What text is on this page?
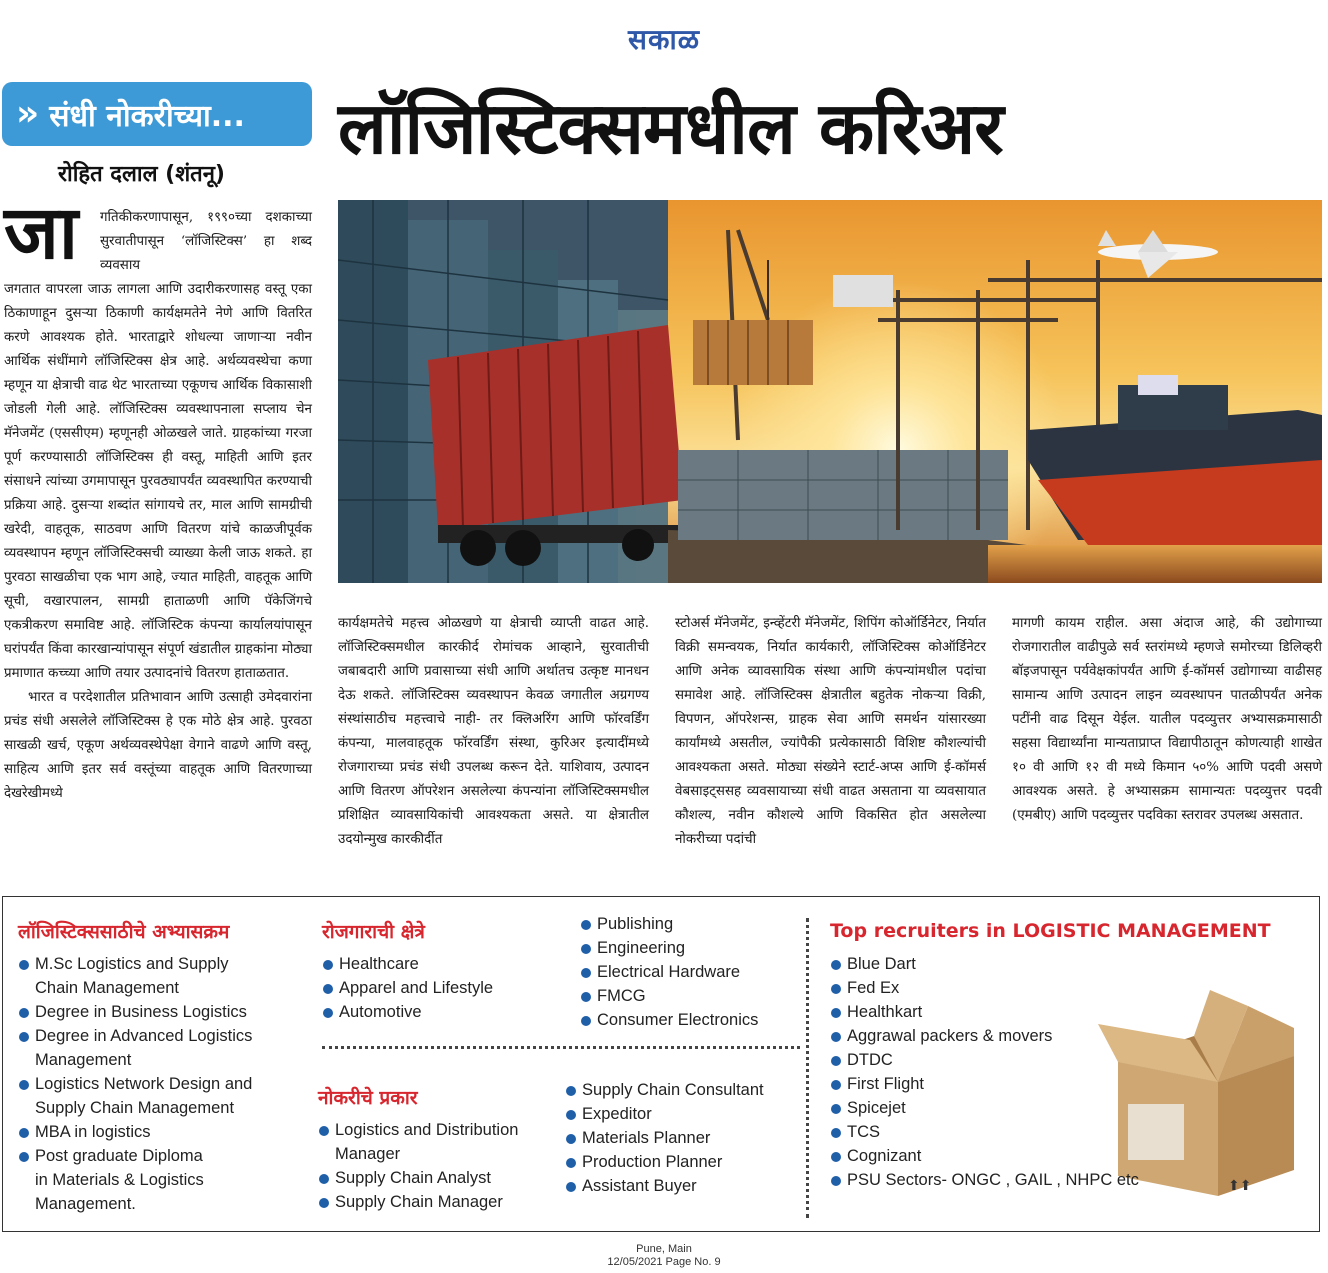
सकाळ
» संधी नोकरीच्या...
रोहित दलाल (शंतनू)
लॉजिस्टिक्समधील करिअर
जा गतिकीकरणापासून, १९९०च्या दशकाच्या सुरवातीपासून ‘लॉजिस्टिक्स’ हा शब्द व्यवसाय

जगतात वापरला जाऊ लागला आणि उदारीकरणासह वस्तू एका ठिकाणाहून दुसऱ्या ठिकाणी कार्यक्षमतेने नेणे आणि वितरित करणे आवश्यक होते. भारताद्वारे शोधल्या जाणाऱ्या नवीन आर्थिक संधींमागे लॉजिस्टिक्स क्षेत्र आहे. अर्थव्यवस्थेचा कणा म्हणून या क्षेत्राची वाढ थेट भारताच्या एकूणच आर्थिक विकासाशी जोडली गेली आहे. लॉजिस्टिक्स व्यवस्थापनाला सप्लाय चेन मॅनेजमेंट (एससीएम) म्हणूनही ओळखले जाते. ग्राहकांच्या गरजा पूर्ण करण्यासाठी लॉजिस्टिक्स ही वस्तू, माहिती आणि इतर संसाधने त्यांच्या उगमापासून पुरवठ्यापर्यंत व्यवस्थापित करण्याची प्रक्रिया आहे. दुसऱ्या शब्दांत सांगायचे तर, माल आणि सामग्रीची खरेदी, वाहतूक, साठवण आणि वितरण यांचे काळजीपूर्वक व्यवस्थापन म्हणून लॉजिस्टिक्सची व्याख्या केली जाऊ शकते. हा पुरवठा साखळीचा एक भाग आहे, ज्यात माहिती, वाहतूक आणि सूची, वखारपालन, सामग्री हाताळणी आणि पॅकेजिंगचे एकत्रीकरण समाविष्ट आहे. लॉजिस्टिक कंपन्या कार्यालयांपासून घरांपर्यंत किंवा कारखान्यांपासून संपूर्ण खंडातील ग्राहकांना मोठ्या प्रमाणात कच्च्या आणि तयार उत्पादनांचे वितरण हाताळतात.

भारत व परदेशातील प्रतिभावान आणि उत्साही उमेदवारांना प्रचंड संधी असलेले लॉजिस्टिक्स हे एक मोठे क्षेत्र आहे. पुरवठा साखळी खर्च, एकूण अर्थव्यवस्थेपेक्षा वेगाने वाढणे आणि वस्तू, साहित्य आणि इतर सर्व वस्तूंच्या वाहतूक आणि वितरणाच्या देखरेखीमध्ये

कार्यक्षमतेचे महत्त्व ओळखणे या क्षेत्राची व्याप्ती वाढत आहे. लॉजिस्टिक्समधील कारकीर्द रोमांचक आव्हाने, सुरवातीची जबाबदारी आणि प्रवासाच्या संधी आणि अर्थातच उत्कृष्ट मानधन देऊ शकते. लॉजिस्टिक्स व्यवस्थापन केवळ जगातील अग्रगण्य संस्थांसाठीच महत्त्वाचे नाही- तर क्लिअरिंग आणि फॉरवर्डिंग कंपन्या, मालवाहतूक फॉरवर्डिंग संस्था, कुरिअर इत्यादींमध्ये रोजगाराच्या प्रचंड संधी उपलब्ध करून देते. याशिवाय, उत्पादन आणि वितरण ऑपरेशन असलेल्या कंपन्यांना लॉजिस्टिक्समधील प्रशिक्षित व्यावसायिकांची आवश्यकता असते. या क्षेत्रातील उदयोन्मुख कारकीर्दीत

स्टोअर्स मॅनेजमेंट, इन्व्हेंटरी मॅनेजमेंट, शिपिंग कोऑर्डिनेटर, निर्यात विक्री समन्वयक, निर्यात कार्यकारी, लॉजिस्टिक्स कोऑर्डिनेटर आणि अनेक व्यावसायिक संस्था आणि कंपन्यांमधील पदांचा समावेश आहे. लॉजिस्टिक्स क्षेत्रातील बहुतेक नोकऱ्या विक्री, विपणन, ऑपरेशन्स, ग्राहक सेवा आणि समर्थन यांसारख्या कार्यांमध्ये असतील, ज्यांपैकी प्रत्येकासाठी विशिष्ट कौशल्यांची आवश्यकता असते. मोठ्या संख्येने स्टार्ट-अप्स आणि ई-कॉमर्स वेबसाइट्ससह व्यवसायाच्या संधी वाढत असताना या व्यवसायात कौशल्य, नवीन कौशल्ये आणि विकसित होत असलेल्या नोकरीच्या पदांची

मागणी कायम राहील. असा अंदाज आहे, की उद्योगाच्या रोजगारातील वाढीपुळे सर्व स्तरांमध्ये म्हणजे समोरच्या डिलिव्हरी बॉइजपासून पर्यवेक्षकांपर्यंत आणि ई-कॉमर्स उद्योगाच्या वाढीसह सामान्य आणि उत्पादन लाइन व्यवस्थापन पातळीपर्यंत अनेक पटींनी वाढ दिसून येईल. यातील पदव्युत्तर अभ्यासक्रमासाठी सहसा विद्यार्थ्यांना मान्यताप्राप्त विद्यापीठातून कोणत्याही शाखेत १० वी आणि १२ वी मध्ये किमान ५०% आणि पदवी असणे आवश्यक असते. हे अभ्यासक्रम सामान्यतः पदव्युत्तर पदवी (एमबीए) आणि पदव्युत्तर पदविका स्तरावर उपलब्ध असतात.

लॉजिस्टिक्ससाठीचे अभ्यासक्रम
M.Sc Logistics and Supply
Chain Management
Degree in Business Logistics
Degree in Advanced Logistics
Management
Logistics Network Design and
Supply Chain Management
MBA in logistics
Post graduate Diploma
in Materials & Logistics
Management.
रोजगाराची क्षेत्रे
Healthcare
Apparel and Lifestyle
Automotive
Publishing
Engineering
Electrical Hardware
FMCG
Consumer Electronics
नोकरीचे प्रकार
Logistics and Distribution
Manager
Supply Chain Analyst
Supply Chain Manager
Supply Chain Consultant
Expeditor
Materials Planner
Production Planner
Assistant Buyer	⬆⬆
Top recruiters in LOGISTIC MANAGEMENT
Blue Dart
Fed Ex
Healthkart
Aggrawal packers & movers
DTDC
First Flight
Spicejet
TCS
Cognizant
PSU Sectors- ONGC , GAIL , NHPC etc
Pune, Main
12/05/2021 Page No. 9
